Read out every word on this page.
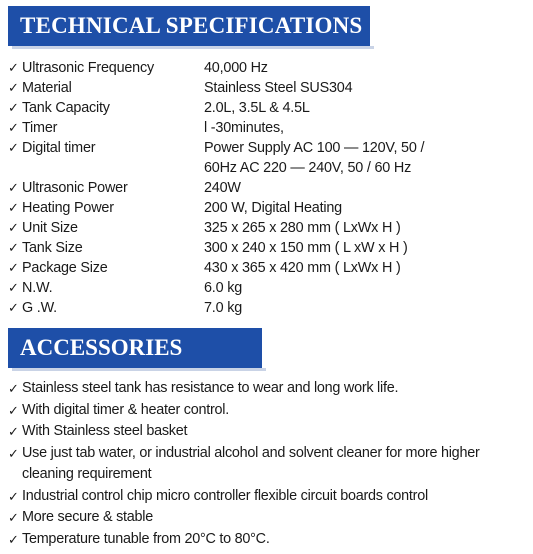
TECHNICAL SPECIFICATIONS
✓ Ultrasonic Frequency	40,000 Hz
✓ Material	Stainless Steel SUS304
✓ Tank Capacity	2.0L, 3.5L & 4.5L
✓ Timer	l -30minutes,
✓ Digital timer	Power Supply AC 100 — 120V, 50 /
60Hz AC 220 — 240V, 50 / 60 Hz
✓ Ultrasonic Power	240W
✓ Heating Power	200 W, Digital Heating
✓ Unit Size	325 x 265 x 280 mm ( LxWx H )
✓ Tank Size	300 x 240 x 150 mm ( L xW x H )
✓ Package Size	430 x 365 x 420 mm ( LxWx H )
✓ N.W.	6.0 kg
✓ G .W.	7.0 kg
ACCESSORIES
✓ Stainless steel tank has resistance to wear and long work life.
✓ With digital timer & heater control.
✓ With Stainless steel basket
✓ Use just tab water, or industrial alcohol and solvent cleaner for more higher cleaning requirement
✓ Industrial control chip micro controller flexible circuit boards control
✓ More secure & stable
✓ Temperature tunable from 20°C to 80°C.
